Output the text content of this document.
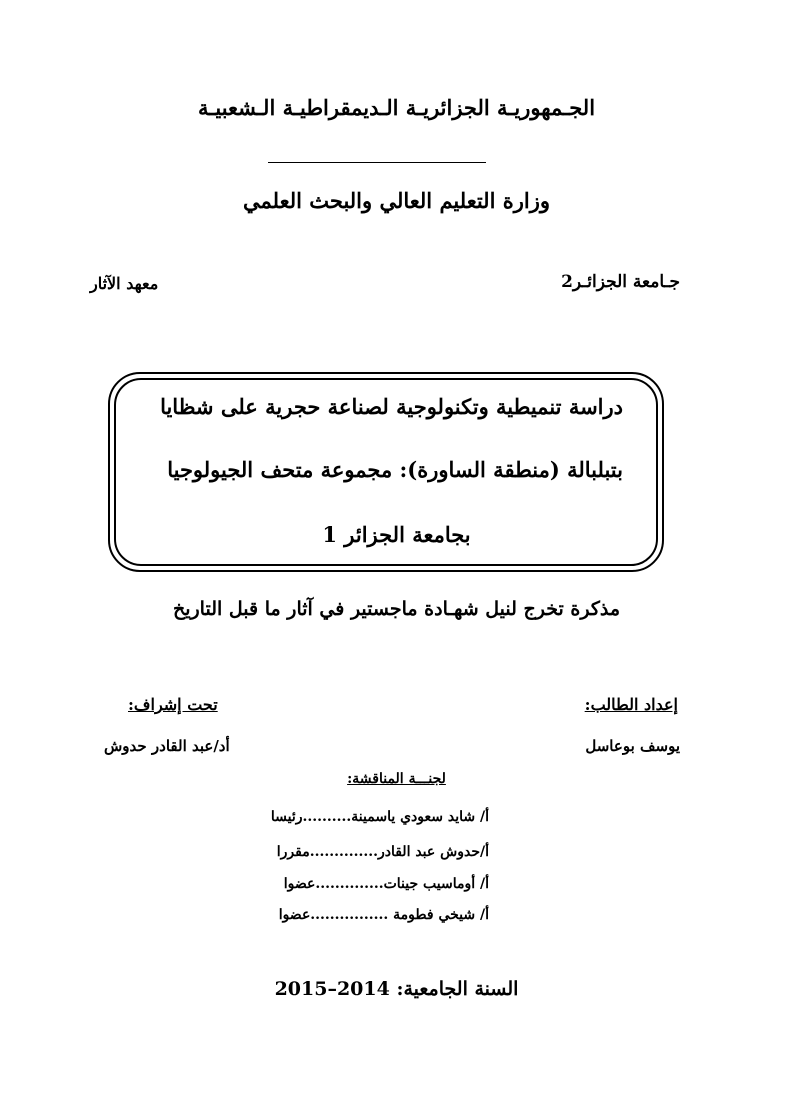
الجـمهوريـة الجزائريـة الـديمقراطيـة الـشعبيـة
وزارة التعليم العالي والبحث العلمي
جـامعة الجزائـر2
معهد الآثار
دراسة تنميطية وتكنولوجية لصناعة حجرية على شظايا
بتبلبالة (منطقة الساورة): مجموعة متحف الجيولوجيا
بجامعة الجزائر 1
مذكرة تخرج لنيل شهـادة ماجستير في آثار ما قبل التاريخ
إعداد الطالب:
تحت إشراف:
يوسف بوعاسل
أد/عبد القادر حدوش
لجنـــة المناقشة:
أ/ شايد سعودي ياسمينة..........رئيسا
أ/حدوش عبد القادر..............مقررا
أ/ أوماسيب جينات..............عضوا
أ/ شيخي فطومة ................عضوا
السنة الجامعية: 2014–2015
